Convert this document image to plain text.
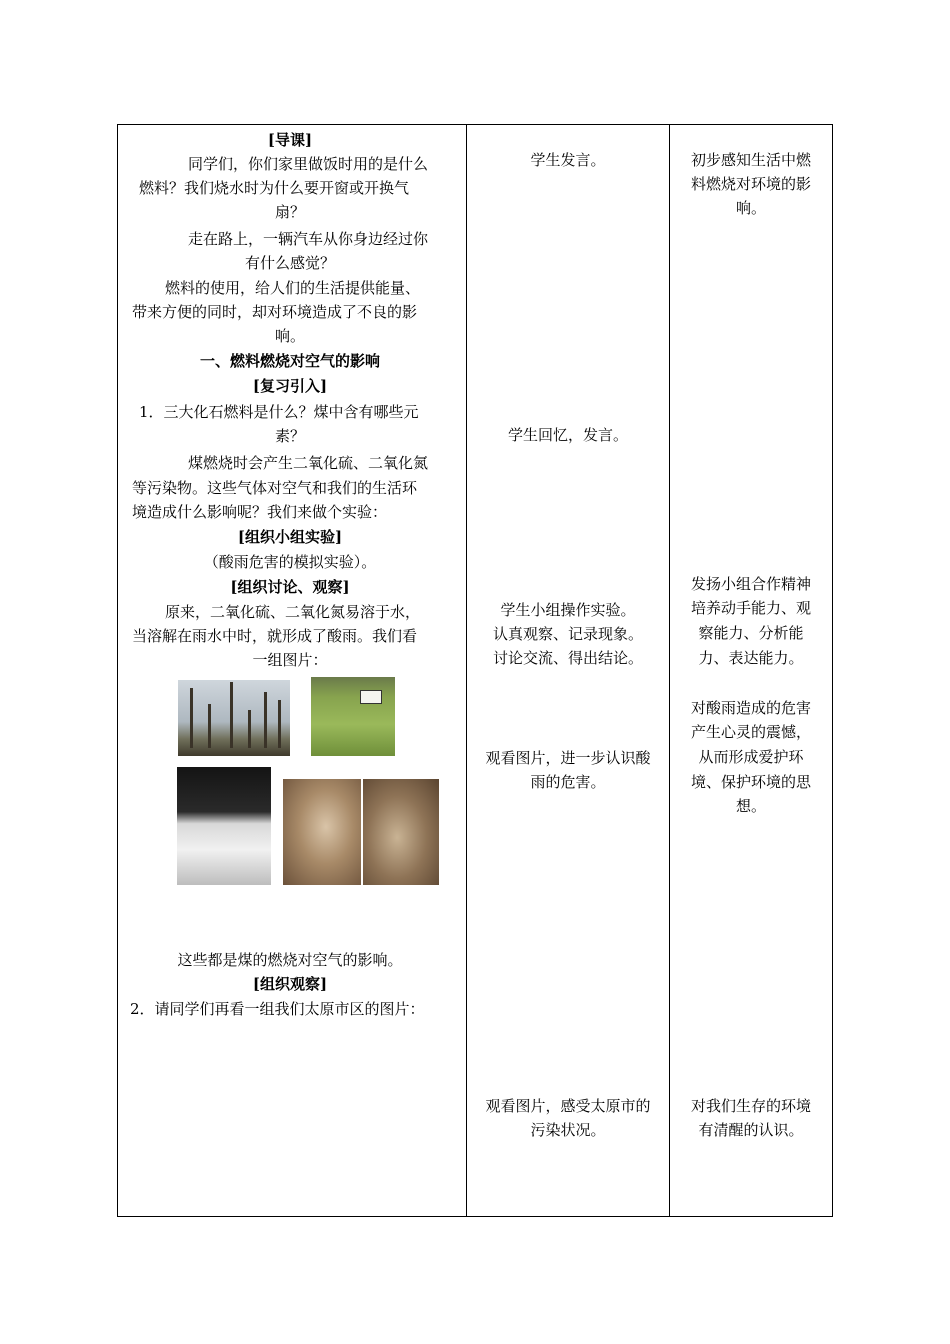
[导课]
同学们，你们家里做饭时用的是什么
燃料？我们烧水时为什么要开窗或开换气
扇？
走在路上，一辆汽车从你身边经过你
有什么感觉？
燃料的使用，给人们的生活提供能量、
带来方便的同时，却对环境造成了不良的影
响。
一、燃料燃烧对空气的影响
[复习引入]
1．三大化石燃料是什么？煤中含有哪些元
素？
煤燃烧时会产生二氧化硫、二氧化氮
等污染物。这些气体对空气和我们的生活环
境造成什么影响呢？我们来做个实验：
[组织小组实验]
（酸雨危害的模拟实验）。
[组织讨论、观察]
原来，二氧化硫、二氧化氮易溶于水，
当溶解在雨水中时，就形成了酸雨。我们看
一组图片：
这些都是煤的燃烧对空气的影响。
[组织观察]
2．请同学们再看一组我们太原市区的图片：
学生发言。
学生回忆，发言。
学生小组操作实验。
认真观察、记录现象。
讨论交流、得出结论。
观看图片，进一步认识酸
雨的危害。
观看图片，感受太原市的
污染状况。
初步感知生活中燃
料燃烧对环境的影
响。
发扬小组合作精神
培养动手能力、观
察能力、分析能
力、表达能力。
对酸雨造成的危害
产生心灵的震憾，
从而形成爱护环
境、保护环境的思
想。
对我们生存的环境
有清醒的认识。
